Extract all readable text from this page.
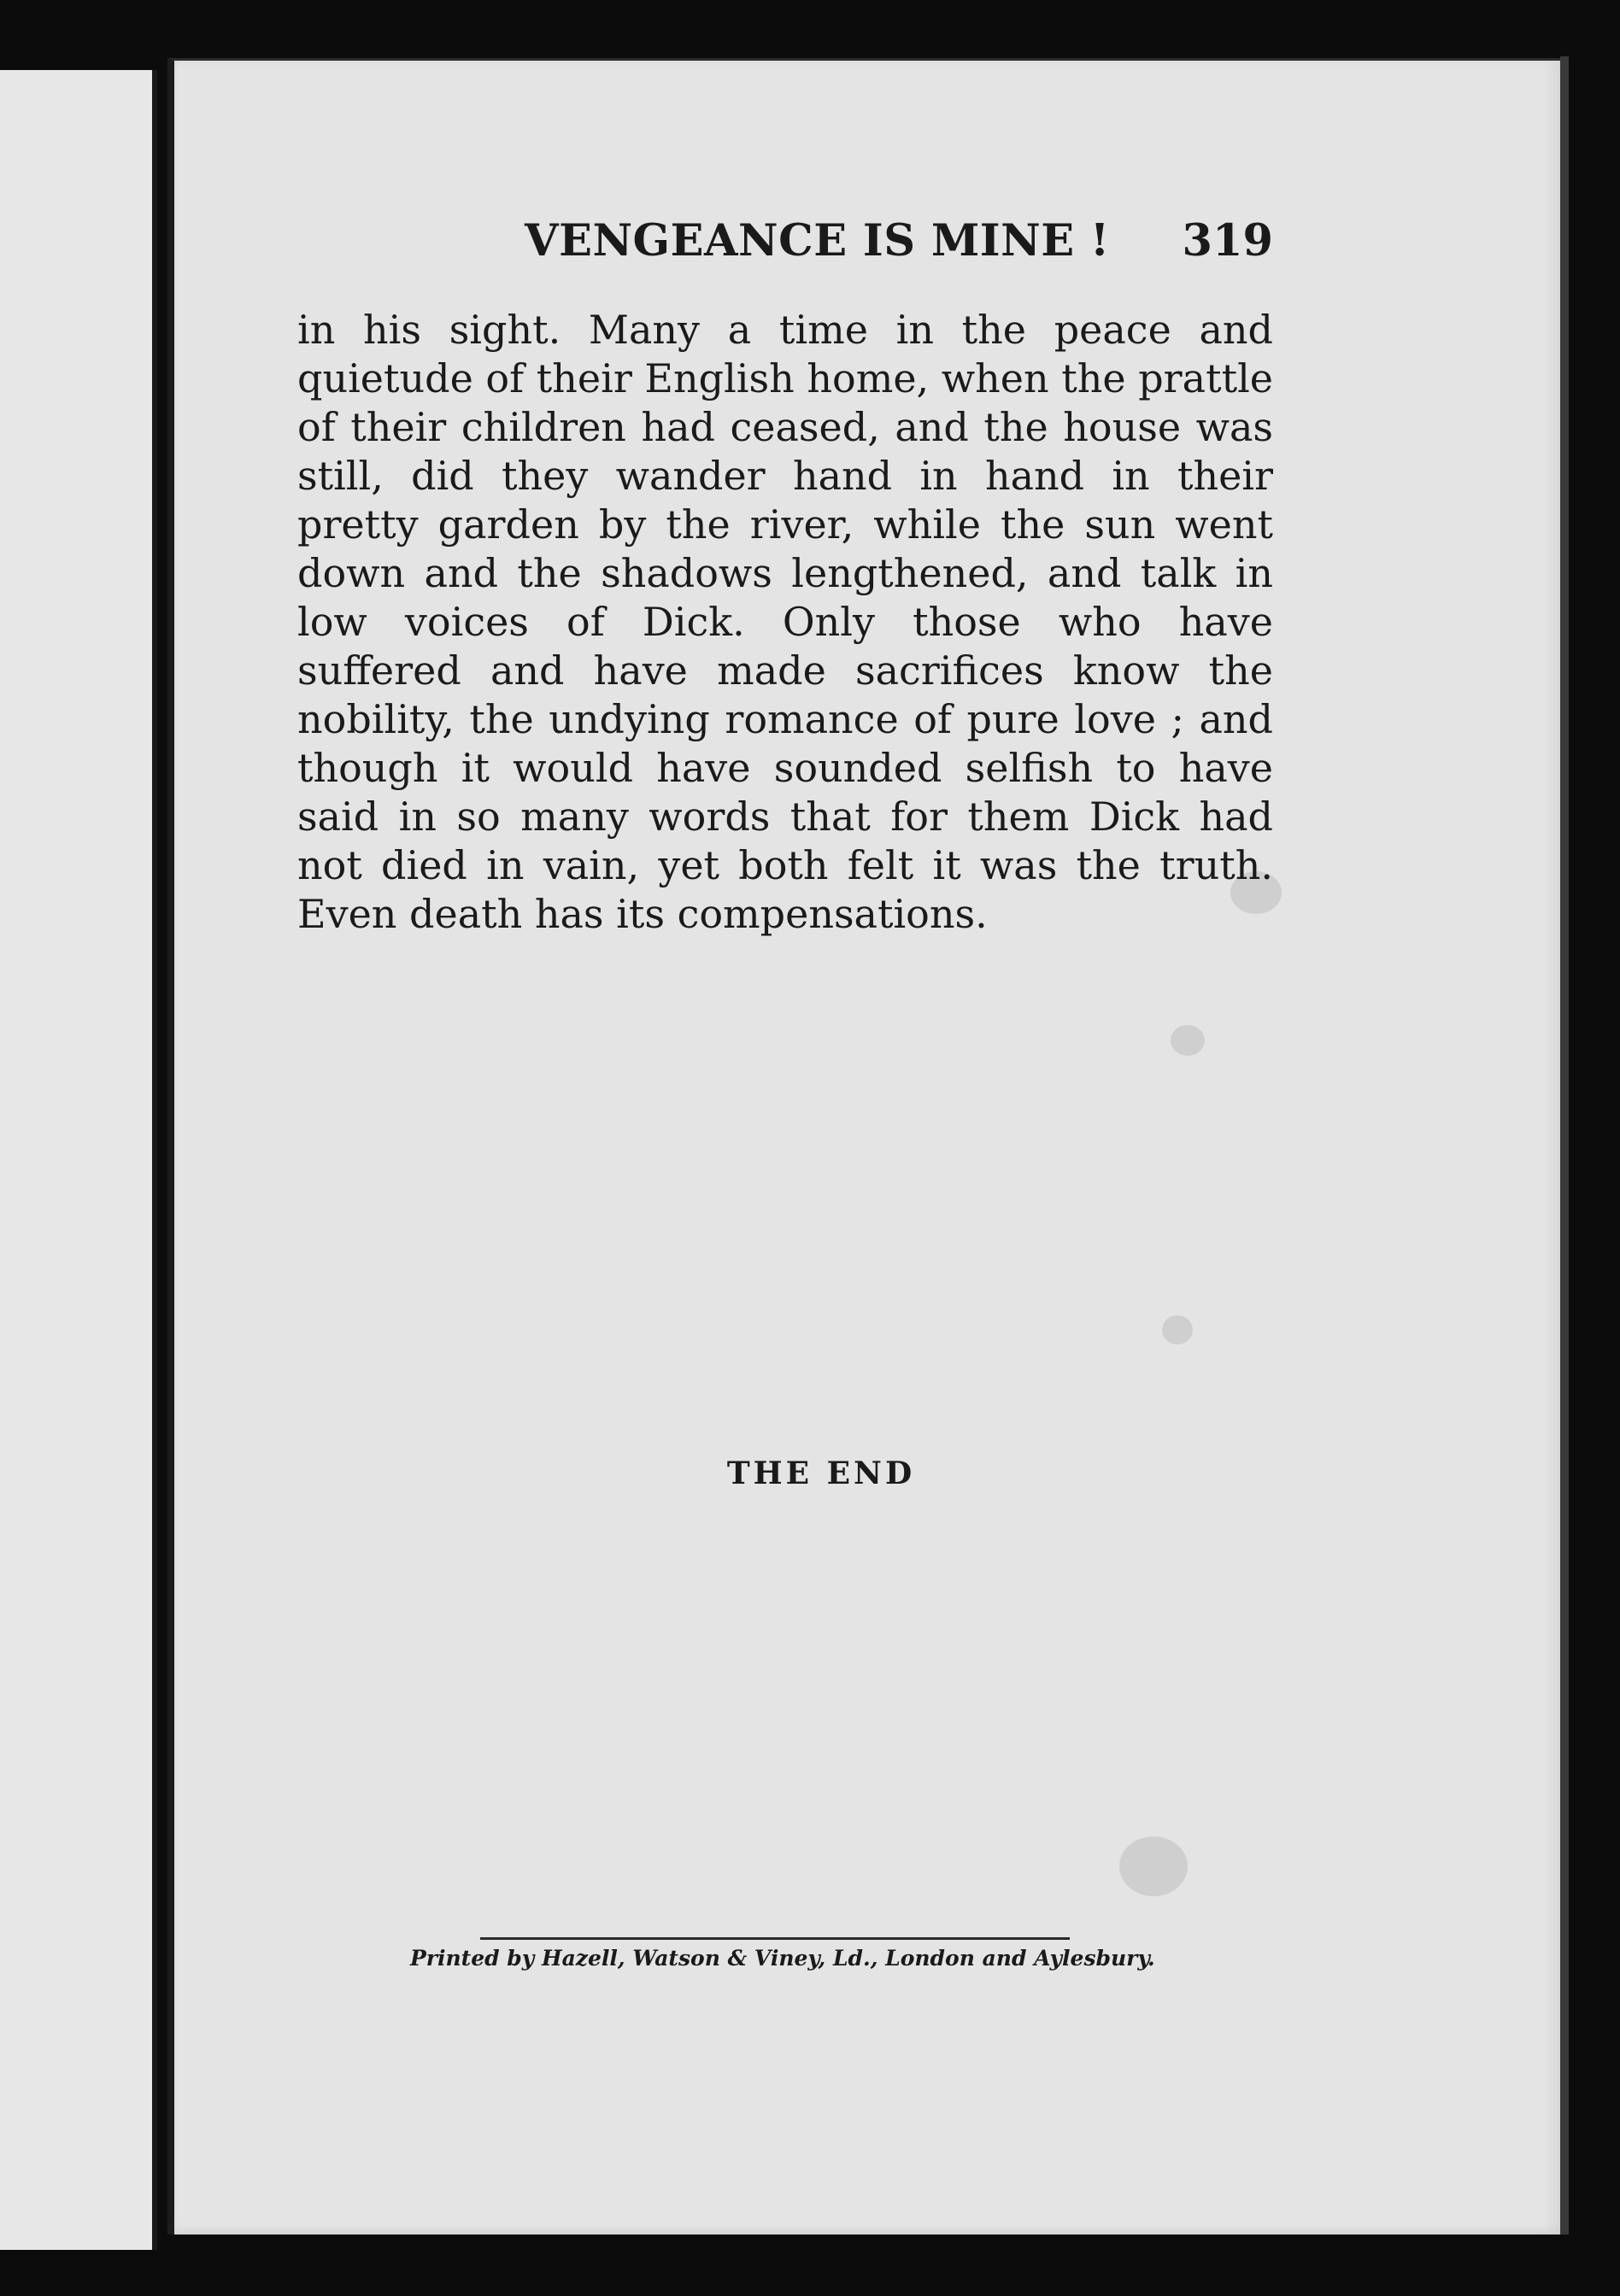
VENGEANCE IS MINE ! 319
in his sight. Many a time in the peace and
quietude of their English home, when the prattle
of their children had ceased, and the house was
still, did they wander hand in hand in their
pretty garden by the river, while the sun went
down and the shadows lengthened, and talk in
low voices of Dick. Only those who have
suffered and have made sacrifices know the
nobility, the undying romance of pure love ; and
though it would have sounded selfish to have
said in so many words that for them Dick had
not died in vain, yet both felt it was the truth.
Even death has its compensations.
THE END
Printed by Hazell, Watson & Viney, Ld., London and Aylesbury.
